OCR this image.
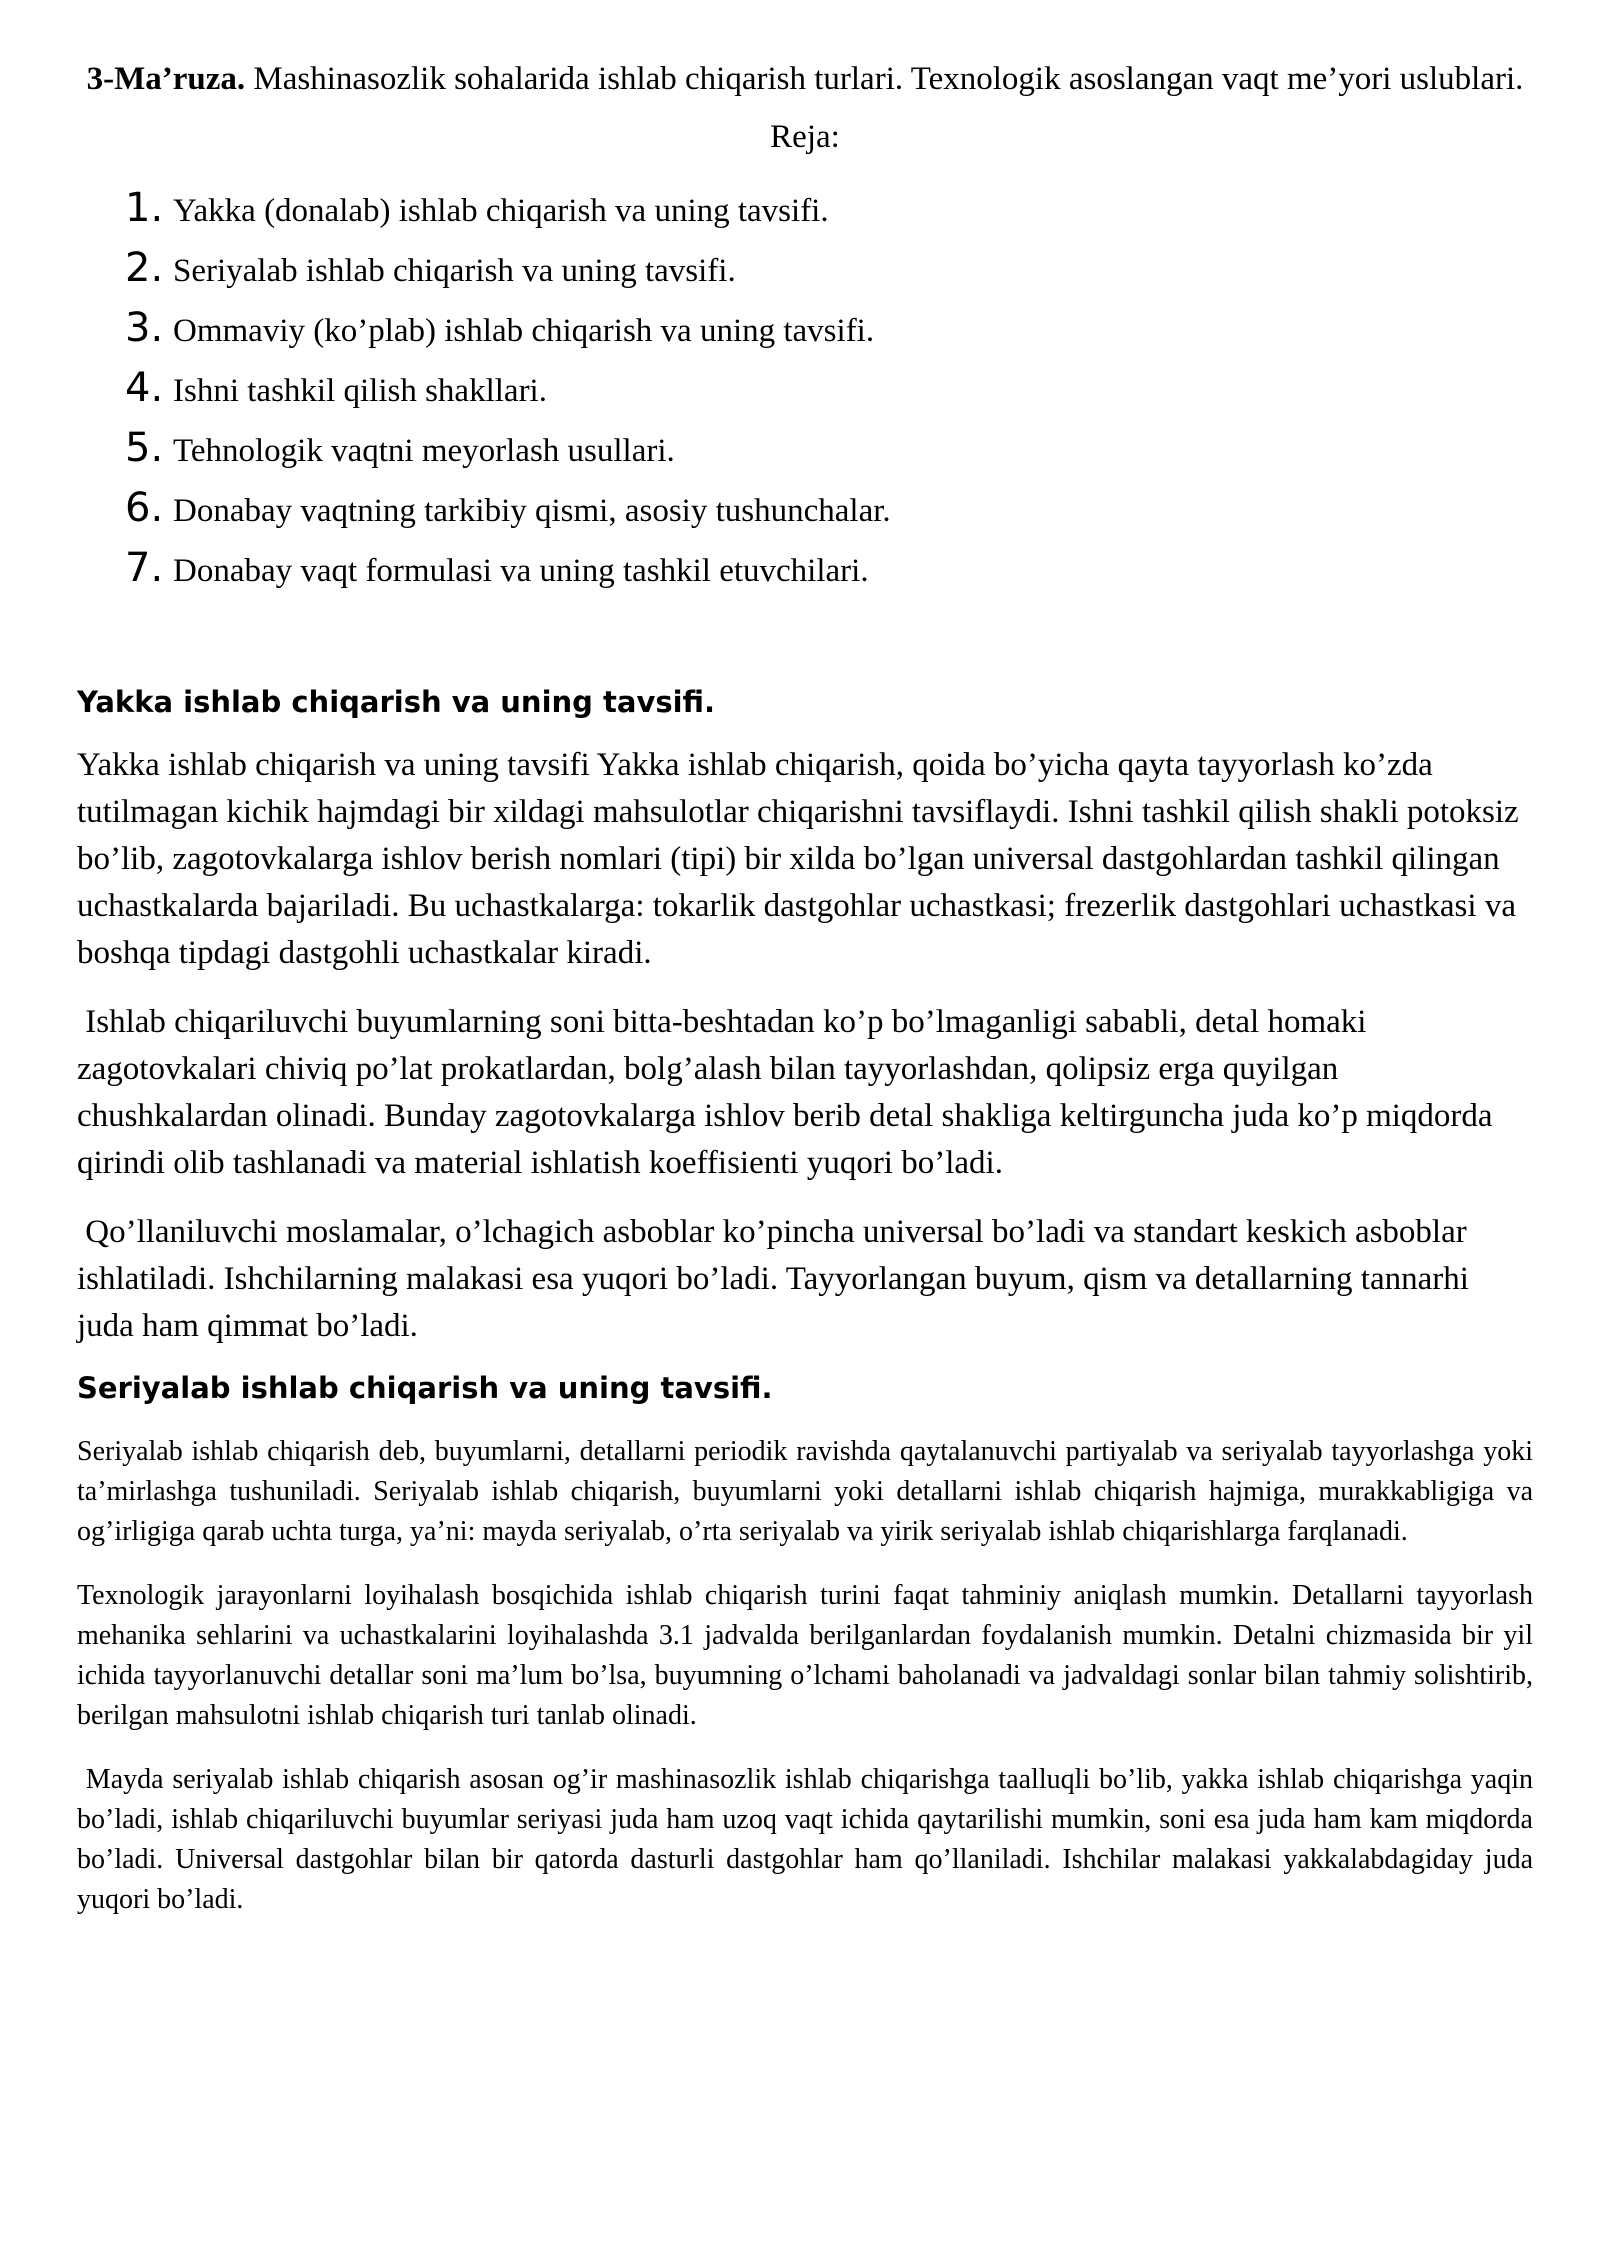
3-Ma’ruza. Mashinasozlik sohalarida ishlab chiqarish turlari. Texnologik asoslangan vaqt me’yori uslublari.
Reja:
1. Yakka (donalab) ishlab chiqarish va uning tavsifi.
2. Seriyalab ishlab chiqarish va uning tavsifi.
3. Ommaviy (ko’plab) ishlab chiqarish va uning tavsifi.
4. Ishni tashkil qilish shakllari.
5. Tehnologik vaqtni meyorlash usullari.
6. Donabay vaqtning tarkibiy qismi, asosiy tushunchalar.
7. Donabay vaqt formulasi va uning tashkil etuvchilari.
Yakka ishlab chiqarish va uning tavsifi.

Yakka ishlab chiqarish va uning tavsifi Yakka ishlab chiqarish, qoida bo’yicha qayta tayyorlash ko’zda tutilmagan kichik hajmdagi bir xildagi mahsulotlar chiqarishni tavsiflaydi. Ishni tashkil qilish shakli potoksiz bo’lib, zagotovkalarga ishlov berish nomlari (tipi) bir xilda bo’lgan universal dastgohlardan tashkil qilingan uchastkalarda bajariladi. Bu uchastkalarga: tokarlik dastgohlar uchastkasi; frezerlik dastgohlari uchastkasi va boshqa tipdagi dastgohli uchastkalar kiradi.

Ishlab chiqariluvchi buyumlarning soni bitta-beshtadan ko’p bo’lmaganligi sababli, detal homaki zagotovkalari chiviq po’lat prokatlardan, bolg’alash bilan tayyorlashdan, qolipsiz erga quyilgan chushkalardan olinadi. Bunday zagotovkalarga ishlov berib detal shakliga keltirguncha juda ko’p miqdorda qirindi olib tashlanadi va material ishlatish koeffisienti yuqori bo’ladi.

Qo’llaniluvchi moslamalar, o’lchagich asboblar ko’pincha universal bo’ladi va standart keskich asboblar ishlatiladi. Ishchilarning malakasi esa yuqori bo’ladi. Tayyorlangan buyum, qism va detallarning tannarhi juda ham qimmat bo’ladi.

Seriyalab ishlab chiqarish va uning tavsifi.

Seriyalab ishlab chiqarish deb, buyumlarni, detallarni periodik ravishda qaytalanuvchi partiyalab va seriyalab tayyorlashga yoki ta’mirlashga tushuniladi. Seriyalab ishlab chiqarish, buyumlarni yoki detallarni ishlab chiqarish hajmiga, murakkabligiga va og’irligiga qarab uchta turga, ya’ni: mayda seriyalab, o’rta seriyalab va yirik seriyalab ishlab chiqarishlarga farqlanadi.

Texnologik jarayonlarni loyihalash bosqichida ishlab chiqarish turini faqat tahminiy aniqlash mumkin. Detallarni tayyorlash mehanika sehlarini va uchastkalarini loyihalashda 3.1 jadvalda berilganlardan foydalanish mumkin. Detalni chizmasida bir yil ichida tayyorlanuvchi detallar soni ma’lum bo’lsa, buyumning o’lchami baholanadi va jadvaldagi sonlar bilan tahmiy solishtirib, berilgan mahsulotni ishlab chiqarish turi tanlab olinadi.

Mayda seriyalab ishlab chiqarish asosan og’ir mashinasozlik ishlab chiqarishga taalluqli bo’lib, yakka ishlab chiqarishga yaqin bo’ladi, ishlab chiqariluvchi buyumlar seriyasi juda ham uzoq vaqt ichida qaytarilishi mumkin, soni esa juda ham kam miqdorda bo’ladi. Universal dastgohlar bilan bir qatorda dasturli dastgohlar ham qo’llaniladi. Ishchilar malakasi yakkalabdagiday juda yuqori bo’ladi.
